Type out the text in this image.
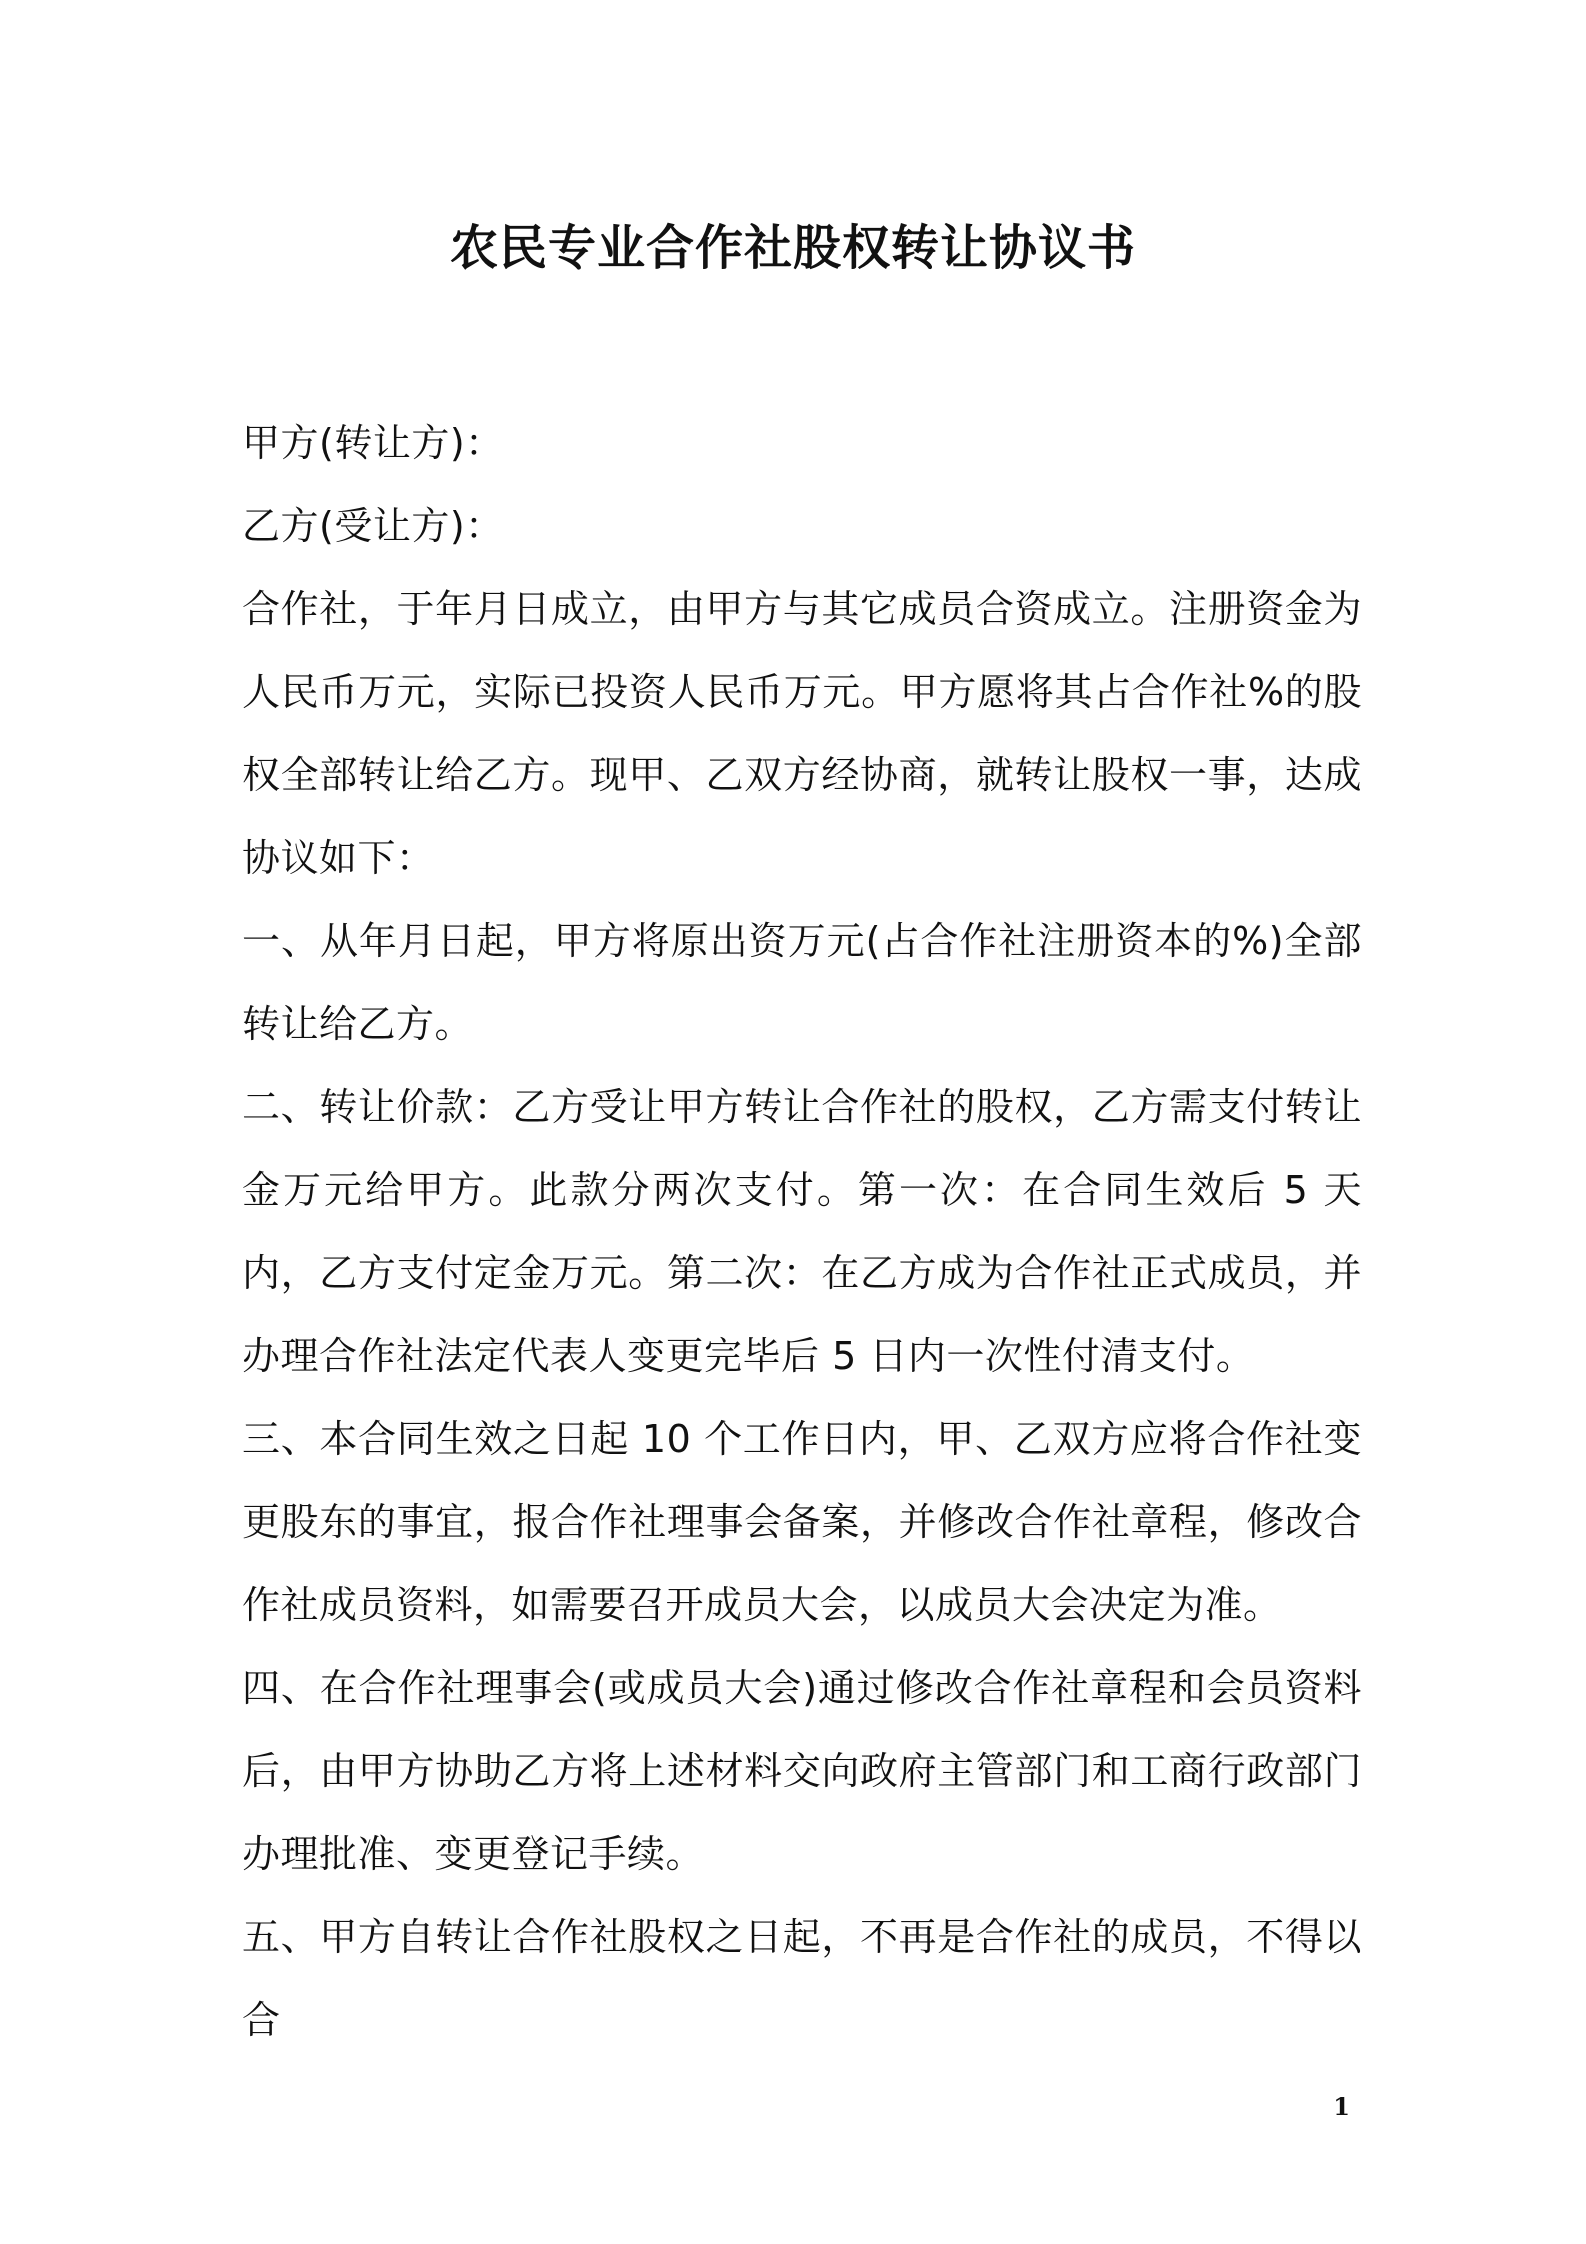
农民专业合作社股权转让协议书

甲方(转让方)：

乙方(受让方)：

合作社，于年月日成立，由甲方与其它成员合资成立。注册资金为人民币万元，实际已投资人民币万元。甲方愿将其占合作社%的股权全部转让给乙方。现甲、乙双方经协商，就转让股权一事，达成协议如下：

一、从年月日起，甲方将原出资万元(占合作社注册资本的%)全部转让给乙方。

二、转让价款：乙方受让甲方转让合作社的股权，乙方需支付转让金万元给甲方。此款分两次支付。第一次：在合同生效后 5 天内，乙方支付定金万元。第二次：在乙方成为合作社正式成员，并办理合作社法定代表人变更完毕后 5 日内一次性付清支付。

三、本合同生效之日起 10 个工作日内，甲、乙双方应将合作社变更股东的事宜，报合作社理事会备案，并修改合作社章程，修改合作社成员资料，如需要召开成员大会，以成员大会决定为准。

四、在合作社理事会(或成员大会)通过修改合作社章程和会员资料后，由甲方协助乙方将上述材料交向政府主管部门和工商行政部门办理批准、变更登记手续。

五、甲方自转让合作社股权之日起，不再是合作社的成员，不得以合

1
